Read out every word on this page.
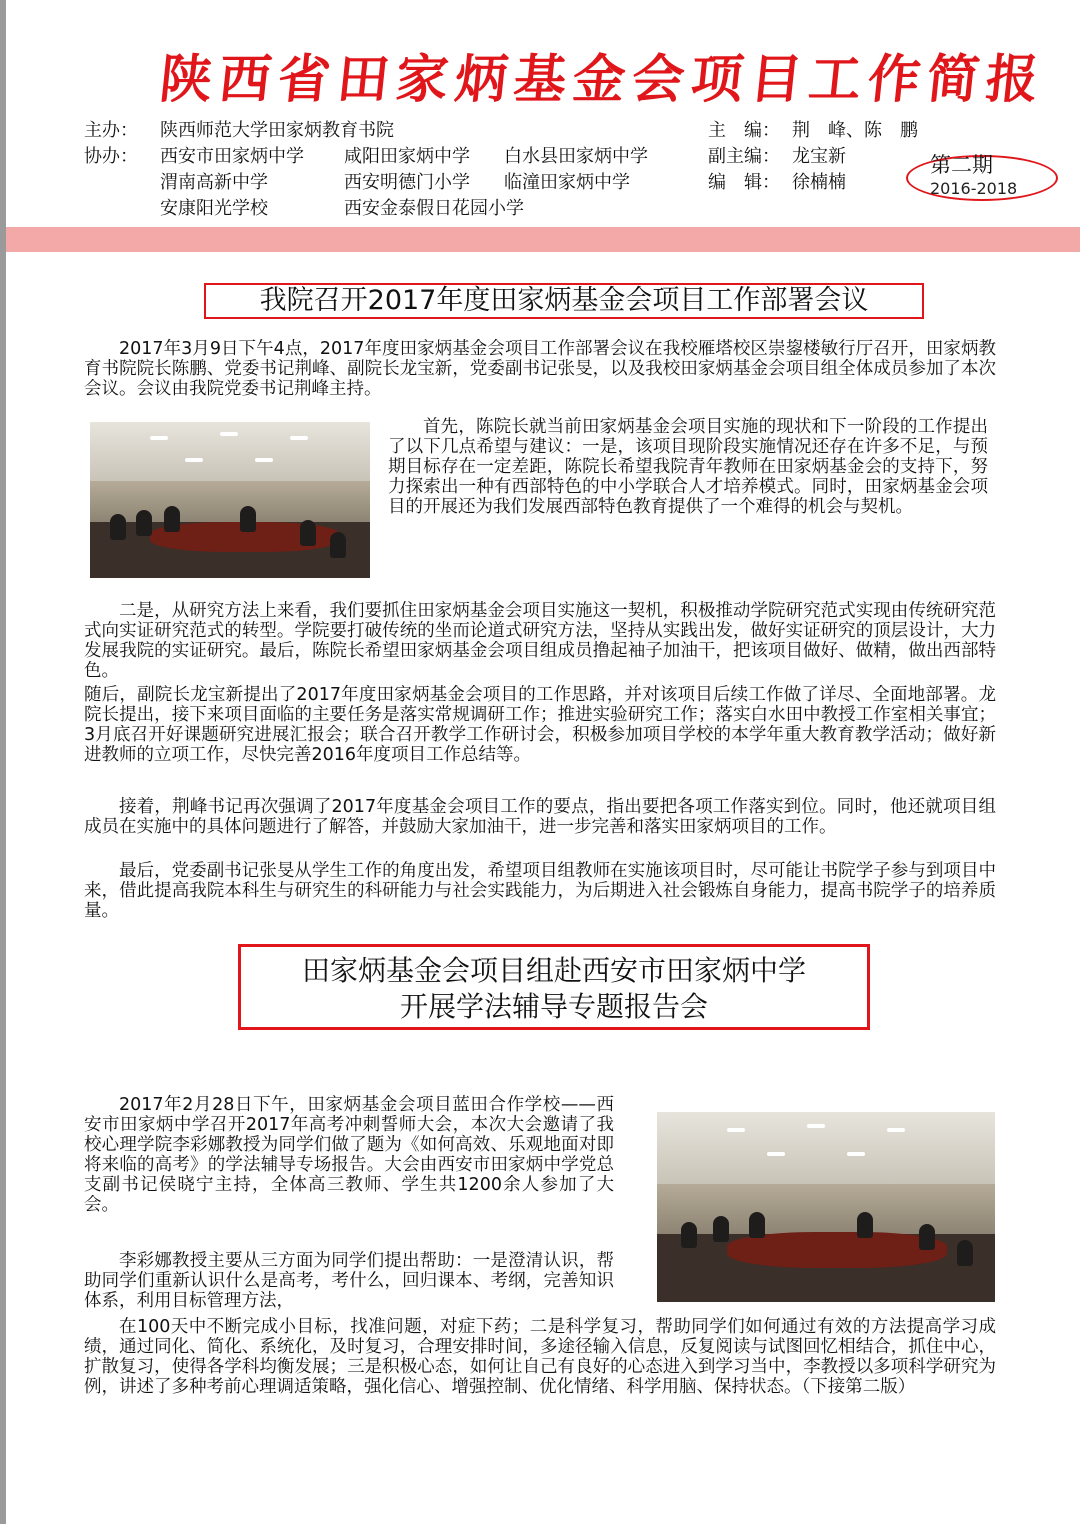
陕西省田家炳基金会项目工作简报
主办： 陕西师范大学田家炳教育书院
协办： 西安市田家炳中学 咸阳田家炳中学 白水县田家炳中学
渭南高新中学	西安明德门小学 临潼田家炳中学
安康阳光学校	西安金泰假日花园小学
主　编： 荆　峰、陈　鹏
副主编： 龙宝新
编　辑： 徐楠楠
第二期
2016-2018
我院召开2017年度田家炳基金会项目工作部署会议

2017年3月9日下午4点，2017年度田家炳基金会项目工作部署会议在我校雁塔校区崇鋆楼敏行厅召开，田家炳教育书院院长陈鹏、党委书记荆峰、副院长龙宝新，党委副书记张旻，以及我校田家炳基金会项目组全体成员参加了本次会议。会议由我院党委书记荆峰主持。

首先，陈院长就当前田家炳基金会项目实施的现状和下一阶段的工作提出了以下几点希望与建议：一是，该项目现阶段实施情况还存在许多不足，与预期目标存在一定差距，陈院长希望我院青年教师在田家炳基金会的支持下，努力探索出一种有西部特色的中小学联合人才培养模式。同时，田家炳基金会项目的开展还为我们发展西部特色教育提供了一个难得的机会与契机。

二是，从研究方法上来看，我们要抓住田家炳基金会项目实施这一契机，积极推动学院研究范式实现由传统研究范式向实证研究范式的转型。学院要打破传统的坐而论道式研究方法，坚持从实践出发，做好实证研究的顶层设计，大力发展我院的实证研究。最后，陈院长希望田家炳基金会项目组成员撸起袖子加油干，把该项目做好、做精，做出西部特色。

随后，副院长龙宝新提出了2017年度田家炳基金会项目的工作思路，并对该项目后续工作做了详尽、全面地部署。龙院长提出，接下来项目面临的主要任务是落实常规调研工作；推进实验研究工作；落实白水田中教授工作室相关事宜；3月底召开好课题研究进展汇报会；联合召开教学工作研讨会，积极参加项目学校的本学年重大教育教学活动；做好新进教师的立项工作，尽快完善2016年度项目工作总结等。

接着，荆峰书记再次强调了2017年度基金会项目工作的要点，指出要把各项工作落实到位。同时，他还就项目组成员在实施中的具体问题进行了解答，并鼓励大家加油干，进一步完善和落实田家炳项目的工作。

最后，党委副书记张旻从学生工作的角度出发，希望项目组教师在实施该项目时，尽可能让书院学子参与到项目中来，借此提高我院本科生与研究生的科研能力与社会实践能力，为后期进入社会锻炼自身能力，提高书院学子的培养质量。

田家炳基金会项目组赴西安市田家炳中学
开展学法辅导专题报告会

2017年2月28日下午，田家炳基金会项目蓝田合作学校——西安市田家炳中学召开2017年高考冲刺誓师大会，本次大会邀请了我校心理学院李彩娜教授为同学们做了题为《如何高效、乐观地面对即将来临的高考》的学法辅导专场报告。大会由西安市田家炳中学党总支副书记侯晓宁主持，全体高三教师、学生共1200余人参加了大会。

李彩娜教授主要从三方面为同学们提出帮助：一是澄清认识，帮助同学们重新认识什么是高考，考什么，回归课本、考纲，完善知识体系，利用目标管理方法，

在100天中不断完成小目标，找准问题，对症下药；二是科学复习，帮助同学们如何通过有效的方法提高学习成绩，通过同化、简化、系统化，及时复习，合理安排时间，多途径输入信息，反复阅读与试图回忆相结合，抓住中心，扩散复习，使得各学科均衡发展；三是积极心态，如何让自己有良好的心态进入到学习当中，李教授以多项科学研究为例，讲述了多种考前心理调适策略，强化信心、增强控制、优化情绪、科学用脑、保持状态。（下接第二版）
